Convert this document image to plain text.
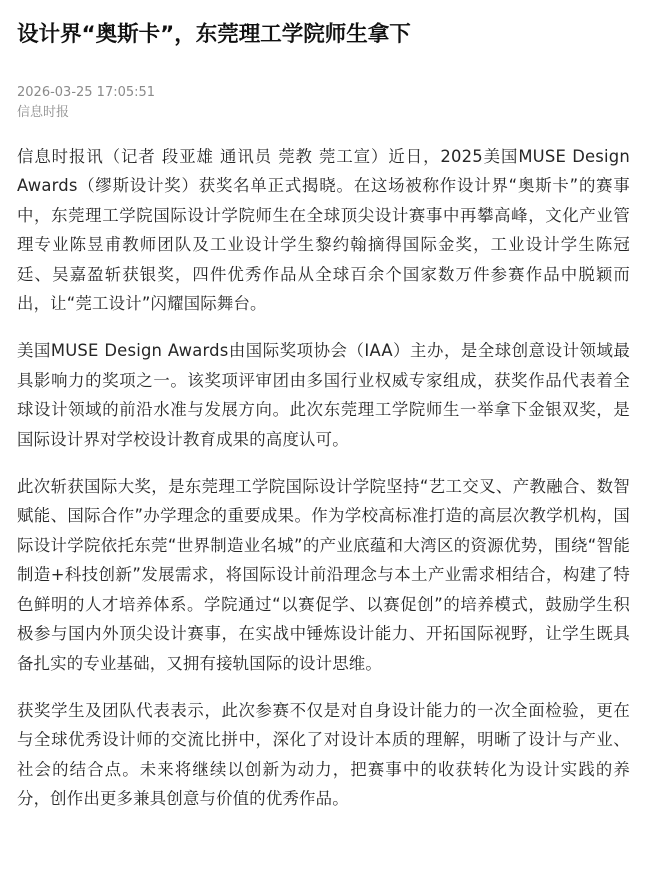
设计界“奥斯卡”，东莞理工学院师生拿下
2026-03-25 17:05:51
信息时报

信息时报讯（记者 段亚雄 通讯员 莞教 莞工宣）近日，2025美国MUSE Design Awards（缪斯设计奖）获奖名单正式揭晓。在这场被称作设计界“奥斯卡”的赛事中，东莞理工学院国际设计学院师生在全球顶尖设计赛事中再攀高峰，文化产业管理专业陈昱甫教师团队及工业设计学生黎约翰摘得国际金奖，工业设计学生陈冠廷、吴嘉盈斩获银奖，四件优秀作品从全球百余个国家数万件参赛作品中脱颖而出，让“莞工设计”闪耀国际舞台。

美国MUSE Design Awards由国际奖项协会（IAA）主办，是全球创意设计领域最具影响力的奖项之一。该奖项评审团由多国行业权威专家组成，获奖作品代表着全球设计领域的前沿水准与发展方向。此次东莞理工学院师生一举拿下金银双奖，是国际设计界对学校设计教育成果的高度认可。

此次斩获国际大奖，是东莞理工学院国际设计学院坚持“艺工交叉、产教融合、数智赋能、国际合作”办学理念的重要成果。作为学校高标准打造的高层次教学机构，国际设计学院依托东莞“世界制造业名城”的产业底蕴和大湾区的资源优势，围绕“智能制造+科技创新”发展需求，将国际设计前沿理念与本土产业需求相结合，构建了特色鲜明的人才培养体系。学院通过“以赛促学、以赛促创”的培养模式，鼓励学生积极参与国内外顶尖设计赛事，在实战中锤炼设计能力、开拓国际视野，让学生既具备扎实的专业基础，又拥有接轨国际的设计思维。

获奖学生及团队代表表示，此次参赛不仅是对自身设计能力的一次全面检验，更在与全球优秀设计师的交流比拼中，深化了对设计本质的理解，明晰了设计与产业、社会的结合点。未来将继续以创新为动力，把赛事中的收获转化为设计实践的养分，创作出更多兼具创意与价值的优秀作品。
